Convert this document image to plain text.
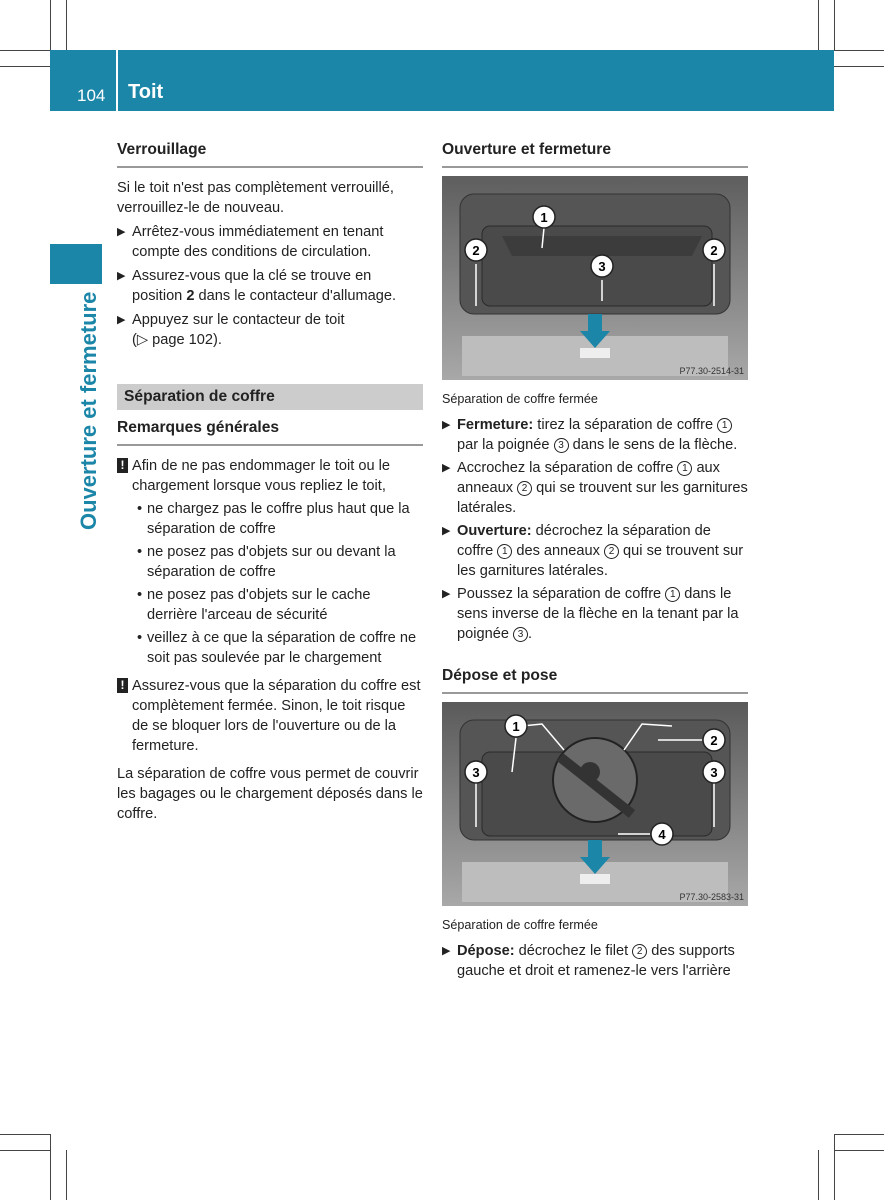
104 Toit
Ouverture et fermeture
Verrouillage

Si le toit n'est pas complètement verrouillé, verrouillez-le de nouveau.

▶ Arrêtez-vous immédiatement en tenant compte des conditions de circulation.
▶ Assurez-vous que la clé se trouve en position 2 dans le contacteur d'allumage.
▶ Appuyez sur le contacteur de toit
(▷ page 102).
Séparation de coffre
Remarques générales
! Afin de ne pas endommager le toit ou le chargement lorsque vous repliez le toit,
• ne chargez pas le coffre plus haut que la séparation de coffre
• ne posez pas d'objets sur ou devant la séparation de coffre
• ne posez pas d'objets sur le cache derrière l'arceau de sécurité
• veillez à ce que la séparation de coffre ne soit pas soulevée par le chargement
! Assurez-vous que la séparation du coffre est complètement fermée. Sinon, le toit risque de se bloquer lors de l'ouverture ou de la fermeture.

La séparation de coffre vous permet de couvrir les bagages ou le chargement déposés dans le coffre.

Ouverture et fermeture
1
2	2
3
P77.30-2514-31
Séparation de coffre fermée
▶ Fermeture: tirez la séparation de coffre 1 par la poignée 3 dans le sens de la flèche.
▶ Accrochez la séparation de coffre 1 aux anneaux 2 qui se trouvent sur les garnitures latérales.
▶ Ouverture: décrochez la séparation de coffre 1 des anneaux 2 qui se trouvent sur les garnitures latérales.
▶ Poussez la séparation de coffre 1 dans le sens inverse de la flèche en la tenant par la poignée 3 .
Dépose et pose
1
2
3	3
4
P77.30-2583-31
Séparation de coffre fermée
▶ Dépose: décrochez le filet 2 des supports gauche et droit et ramenez-le vers l'arrière
